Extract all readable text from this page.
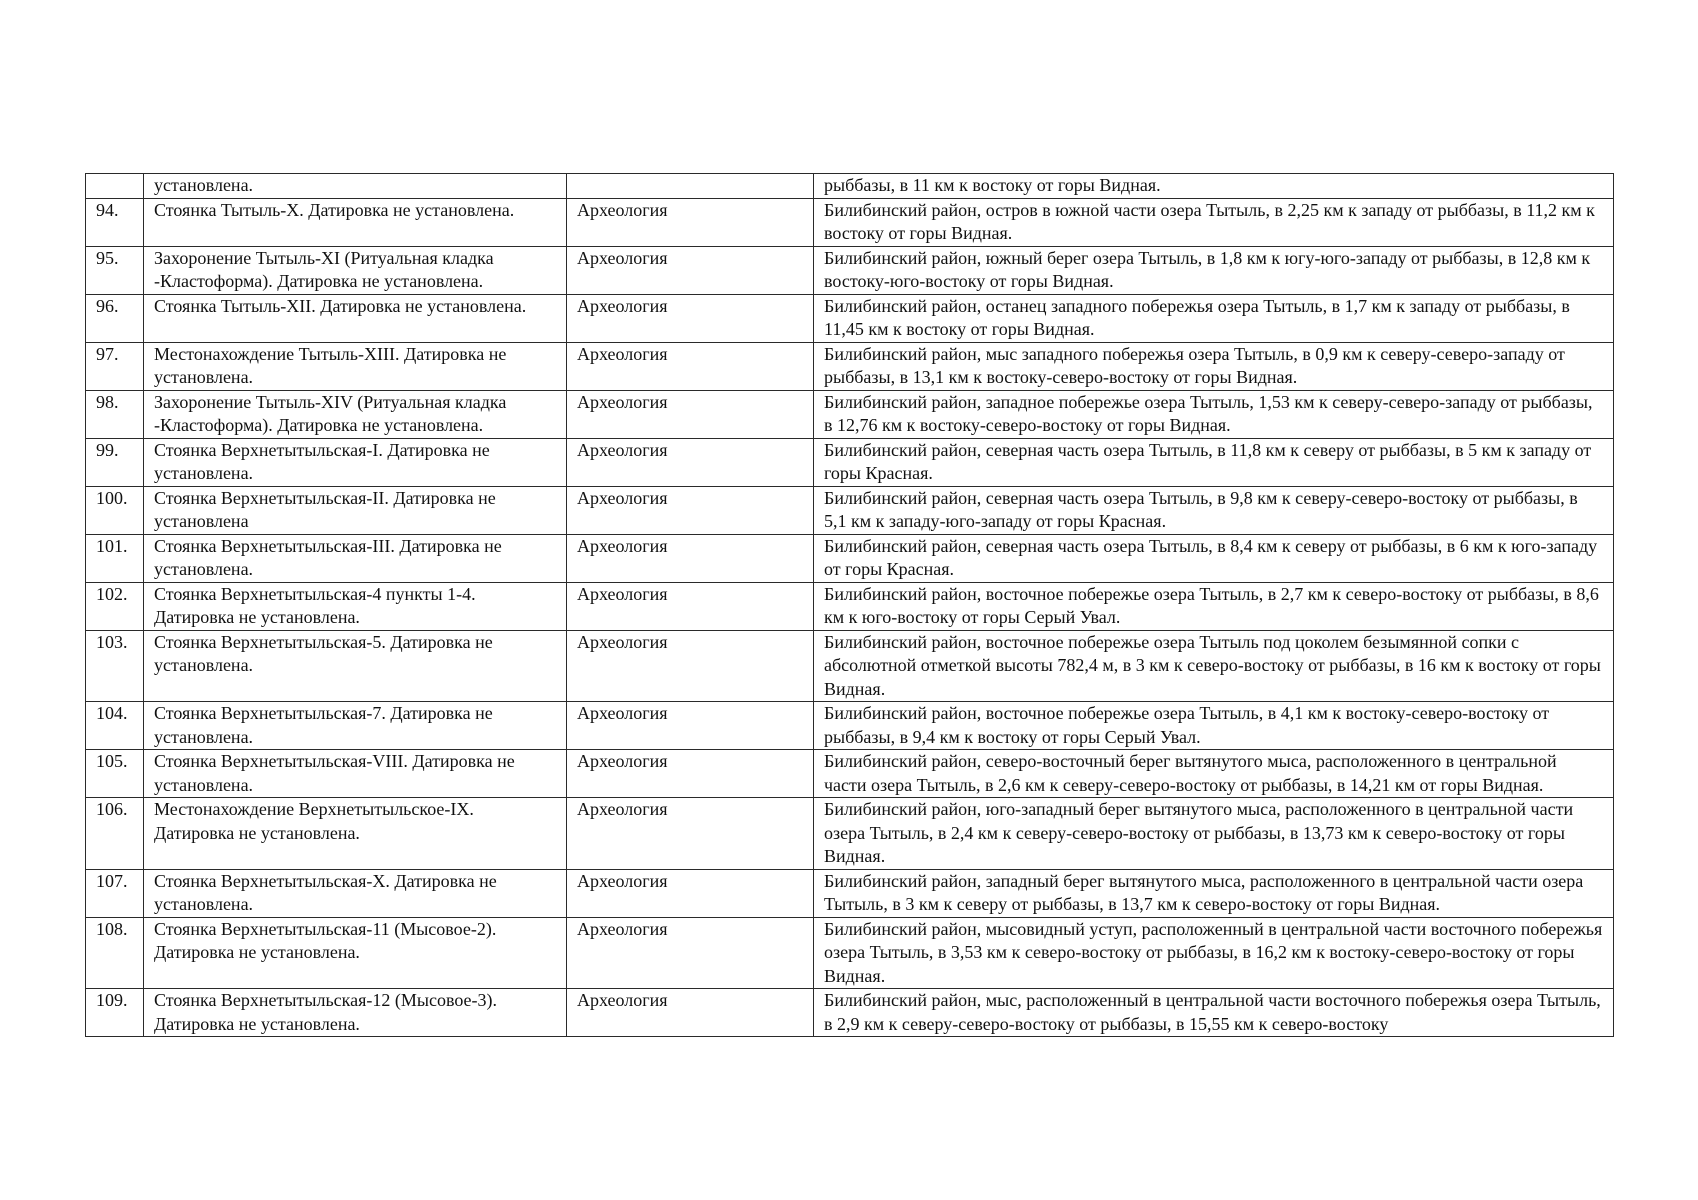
	установлена.		рыббазы, в 11 км к востоку от горы Видная.
94.	Стоянка Тытыль-X. Датировка не установлена.	Археология	Билибинский район, остров в южной части озера Тытыль, в 2,25 км к западу от рыббазы, в 11,2 км к востоку от горы Видная.
95.	Захоронение Тытыль-XI (Ритуальная кладка -Кластоформа). Датировка не установлена.	Археология	Билибинский район, южный берег озера Тытыль, в 1,8 км к югу-юго-западу от рыббазы, в 12,8 км к востоку-юго-востоку от горы Видная.
96.	Стоянка Тытыль-XII. Датировка не установлена.	Археология	Билибинский район, останец западного побережья озера Тытыль, в 1,7 км к западу от рыббазы, в 11,45 км к востоку от горы Видная.
97.	Местонахождение Тытыль-XIII. Датировка не установлена.	Археология	Билибинский район, мыс западного побережья озера Тытыль, в 0,9 км к северу-северо-западу от рыббазы, в 13,1 км к востоку-северо-востоку от горы Видная.
98.	Захоронение Тытыль-XIV (Ритуальная кладка -Кластоформа). Датировка не установлена.	Археология	Билибинский район, западное побережье озера Тытыль, 1,53 км к северу-северо-западу от рыббазы, в 12,76 км к востоку-северо-востоку от горы Видная.
99.	Стоянка Верхнетытыльская-I. Датировка не установлена.	Археология	Билибинский район, северная часть озера Тытыль, в 11,8 км к северу от рыббазы, в 5 км к западу от горы Красная.
100.	Стоянка Верхнетытыльская-II. Датировка не установлена	Археология	Билибинский район, северная часть озера Тытыль, в 9,8 км к северу-северо-востоку от рыббазы, в 5,1 км к западу-юго-западу от горы Красная.
101.	Стоянка Верхнетытыльская-III. Датировка не установлена.	Археология	Билибинский район, северная часть озера Тытыль, в 8,4 км к северу от рыббазы, в 6 км к юго-западу от горы Красная.
102.	Стоянка Верхнетытыльская-4 пункты 1-4. Датировка не установлена.	Археология	Билибинский район, восточное побережье озера Тытыль, в 2,7 км к северо-востоку от рыббазы, в 8,6 км к юго-востоку от горы Серый Увал.
103.	Стоянка Верхнетытыльская-5. Датировка не установлена.	Археология	Билибинский район, восточное побережье озера Тытыль под цоколем безымянной сопки с абсолютной отметкой высоты 782,4 м, в 3 км к северо-востоку от рыббазы, в 16 км к востоку от горы Видная.
104.	Стоянка Верхнетытыльская-7. Датировка не установлена.	Археология	Билибинский район, восточное побережье озера Тытыль, в 4,1 км к востоку-северо-востоку от рыббазы, в 9,4 км к востоку от горы Серый Увал.
105.	Стоянка Верхнетытыльская-VIII. Датировка не установлена.	Археология	Билибинский район, северо-восточный берег вытянутого мыса, расположенного в центральной части озера Тытыль, в 2,6 км к северу-северо-востоку от рыббазы, в 14,21 км от горы Видная.
106.	Местонахождение Верхнетытыльское-IX. Датировка не установлена.	Археология	Билибинский район, юго-западный берег вытянутого мыса, расположенного в центральной части озера Тытыль, в 2,4 км к северу-северо-востоку от рыббазы, в 13,73 км к северо-востоку от горы Видная.
107.	Стоянка Верхнетытыльская-X. Датировка не установлена.	Археология	Билибинский район, западный берег вытянутого мыса, расположенного в центральной части озера Тытыль, в 3 км к северу от рыббазы, в 13,7 км к северо-востоку от горы Видная.
108.	Стоянка Верхнетытыльская-11 (Мысовое-2). Датировка не установлена.	Археология	Билибинский район, мысовидный уступ, расположенный в центральной части восточного побережья озера Тытыль, в 3,53 км к северо-востоку от рыббазы, в 16,2 км к востоку-северо-востоку от горы Видная.
109.	Стоянка Верхнетытыльская-12 (Мысовое-3). Датировка не установлена.	Археология	Билибинский район, мыс, расположенный в центральной части восточного побережья озера Тытыль, в 2,9 км к северу-северо-востоку от рыббазы, в 15,55 км к северо-востоку
